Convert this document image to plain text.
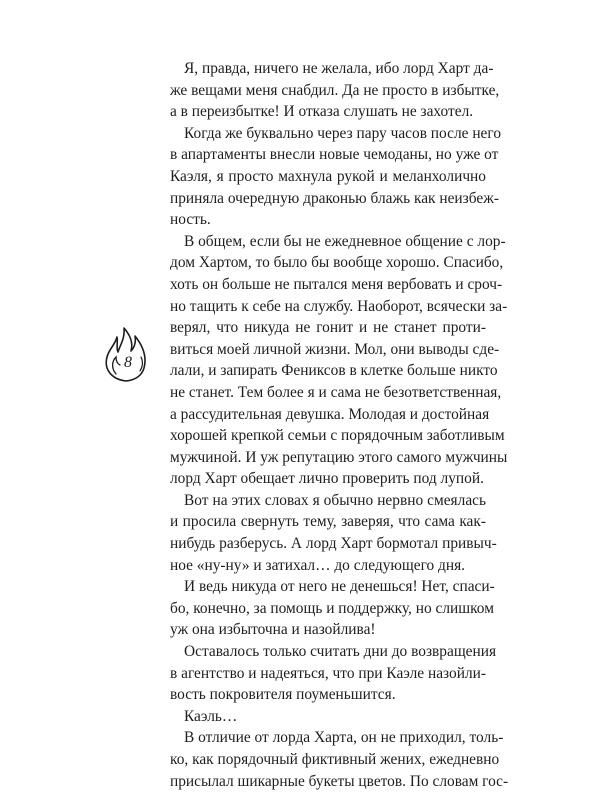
8
Я, правда, ничего не желала, ибо лорд Харт да-
же вещами меня снабдил. Да не просто в избытке,
а в переизбытке! И отказа слушать не захотел.
Когда же буквально через пару часов после него
в апартаменты внесли новые чемоданы, но уже от
Каэля, я просто махнула рукой и меланхолично
приняла очередную драконью блажь как неизбеж-
ность.
В общем, если бы не ежедневное общение с лор-
дом Хартом, то было бы вообще хорошо. Спасибо,
хоть он больше не пытался меня вербовать и сроч-
но тащить к себе на службу. Наоборот, всячески за-
верял, что никуда не гонит и не станет проти-
виться моей личной жизни. Мол, они выводы сде-
лали, и запирать Фениксов в клетке больше никто
не станет. Тем более я и сама не безответственная,
а рассудительная девушка. Молодая и достойная
хорошей крепкой семьи с порядочным заботливым
мужчиной. И уж репутацию этого самого мужчины
лорд Харт обещает лично проверить под лупой.
Вот на этих словах я обычно нервно смеялась
и просила свернуть тему, заверяя, что сама как-
нибудь разберусь. А лорд Харт бормотал привыч-
ное «ну-ну» и затихал… до следующего дня.
И ведь никуда от него не денешься! Нет, спаси-
бо, конечно, за помощь и поддержку, но слишком
уж она избыточна и назойлива!
Оставалось только считать дни до возвращения
в агентство и надеяться, что при Каэле назойли-
вость покровителя поуменьшится.
Каэль…
В отличие от лорда Харта, он не приходил, толь-
ко, как порядочный фиктивный жених, ежедневно
присылал шикарные букеты цветов. По словам гос-
